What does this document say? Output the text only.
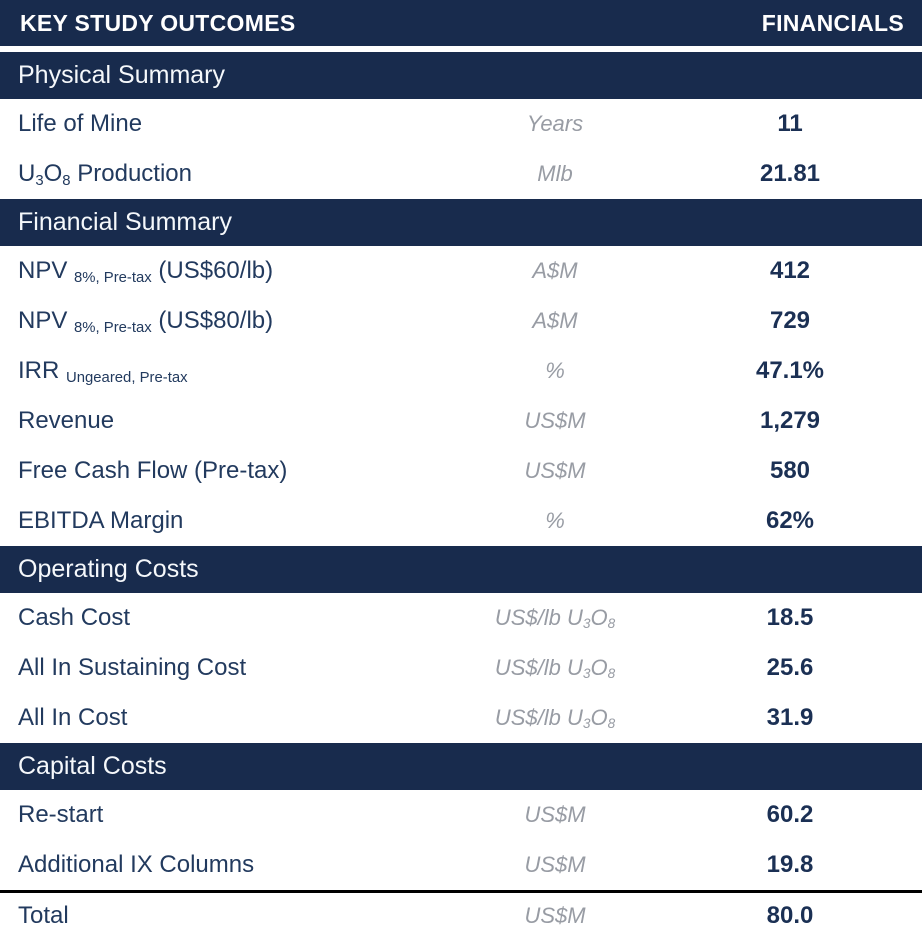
KEY STUDY OUTCOMES	FINANCIALS
Physical Summary
Life of Mine	Years	11
$U_3O_8$ Production	Mlb	21.81
Financial Summary
NPV $_{8\%, Pre-tax}$ (US$60/lb)	A$M	412
NPV $_{8\%, Pre-tax}$ (US$80/lb)	A$M	729
IRR $_{Ungeared, Pre-tax}$	%	47.1%
Revenue	US$M	1,279
Free Cash Flow (Pre-tax)	US$M	580
EBITDA Margin	%	62%
Operating Costs
Cash Cost	US$/lb $U_3O_8$	18.5
All In Sustaining Cost	US$/lb $U_3O_8$	25.6
All In Cost	US$/lb $U_3O_8$	31.9
Capital Costs
Re-start	US$M	60.2
Additional IX Columns	US$M	19.8
Total	US$M	80.0
